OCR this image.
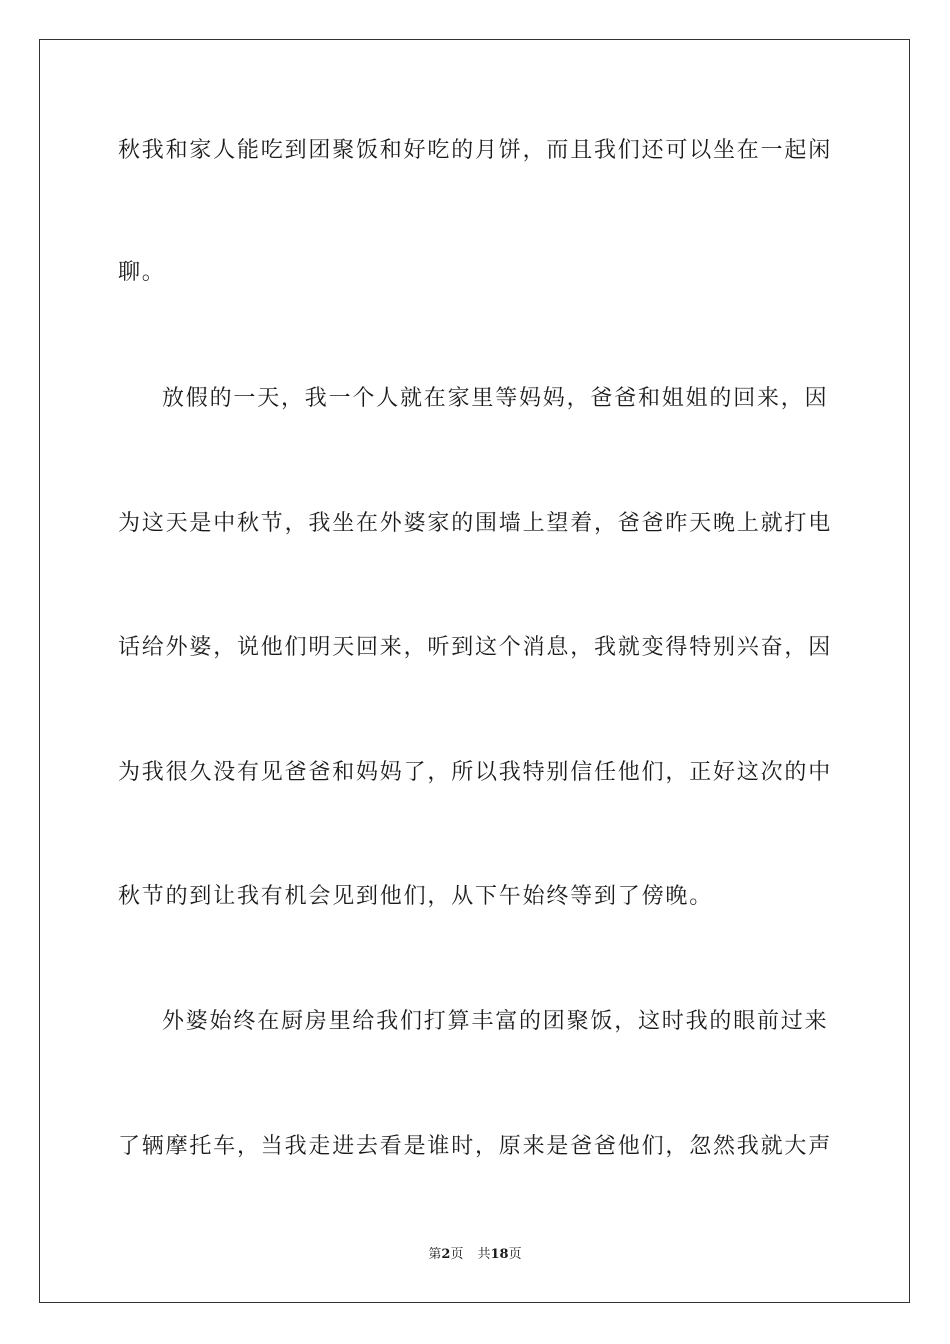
秋我和家人能吃到团聚饭和好吃的月饼，而且我们还可以坐在一起闲
聊。
放假的一天，我一个人就在家里等妈妈，爸爸和姐姐的回来，因
为这天是中秋节，我坐在外婆家的围墙上望着，爸爸昨天晚上就打电
话给外婆，说他们明天回来，听到这个消息，我就变得特别兴奋，因
为我很久没有见爸爸和妈妈了，所以我特别信任他们，正好这次的中
秋节的到让我有机会见到他们，从下午始终等到了傍晚。
外婆始终在厨房里给我们打算丰富的团聚饭，这时我的眼前过来
了辆摩托车，当我走进去看是谁时，原来是爸爸他们，忽然我就大声
第2页 共18页
